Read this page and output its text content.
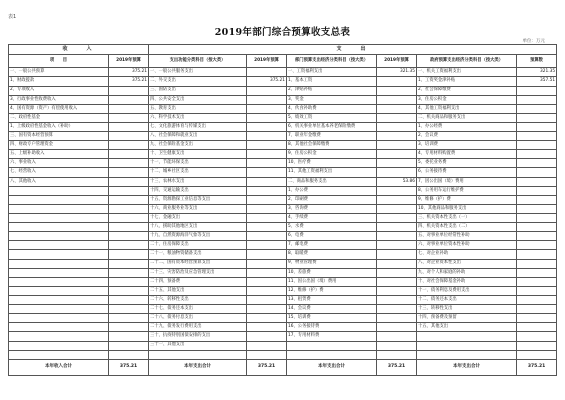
表1
2019年部门综合预算收支总表
单位：万元
收　　入		支　　出					
项　　目	2019年预算	支出功能分类科目（按大类）	2019年预算	部门预算支出经济分类科目（按大类）	2019年预算	政府预算支出经济分类科目（按大类）	预算数
一、一般公共预算	375.21	一、一般公共服务支出		一、工资福利支出	321.35	一、机关工资福利支出	321.35
1、财政拨款	375.21	二、外交支出	375.21	1、基本工资		1、工资奖金津补贴	357.51
2、专项收入		三、国防支出		2、津贴补贴		2、社会保障缴费	
3、行政事业性收费收入		四、公共安全支出		3、奖金		3、住房公积金	
4、国有资源（资产）有偿使用收入		五、教育支出		4、伙食补助费		4、其他工资福利支出	
二、政府性基金		六、科学技术支出		5、绩效工资		二、机关商品和服务支出	
1、上级政府性基金收入（补助）		七、文化旅游体育与传媒支出		6、机关事业单位基本养老保险缴费		1、办公经费	
三、国有资本经营预算		八、社会保障和就业支出		7、职业年金缴费		2、会议费	
四、财政专户管理资金		九、社会保险基金支出		8、其他社会保障缴费		3、培训费	
五、上级补助收入		十、卫生健康支出		9、住房公积金		4、专用材料购置费	
六、事业收入		十一、节能环保支出		10、医疗费		5、委托业务费	
七、经营收入		十二、城乡社区支出		11、其他工资福利支出		6、公务接待费	
八、其他收入		十三、农林水支出		二、商品和服务支出	53.86	7、因公出国（境）费用	
		十四、交通运输支出		1、办公费		8、公务用车运行维护费	
		十五、资源勘探工业信息等支出		2、印刷费		9、维修（护）费	
		十六、商业服务业等支出		3、咨询费		10、其他商品和服务支出	
		十七、金融支出		4、手续费		三、机关资本性支出（一）	
		十八、援助其他地区支出		5、水费		四、机关资本性支出（二）	
		十九、自然资源海洋气象等支出		6、电费		五、对事业单位经常性补助	
		二十、住房保障支出		7、邮电费		六、对事业单位资本性补助	
		二十一、粮油物资储备支出		8、取暖费		七、对企业补助	
		二十二、国有资本经营预算支出		9、物业管理费		八、对企业资本性支出	
		二十三、灾害防治及应急管理支出		10、差旅费		九、对个人和家庭的补助	
		二十四、预备费		11、因公出国（境）费用		十、对社会保障基金补助	
		二十五、其他支出		12、维修（护）费		十一、债务利息及费用支出	
		二十六、转移性支出		13、租赁费		十二、债务还本支出	
		二十七、债务还本支出		14、会议费		十三、转移性支出	
		二十八、债务付息支出		15、培训费		十四、预备费及预留	
		二十九、债务发行费用支出		16、公务接待费		十五、其他支出	
		三十、抗疫特别国债安排的支出		17、专用材料费			
		三十一、其他支出					

本年收入合计	375.21	本年支出合计	375.21	本年支出合计	375.21	本年支出合计	375.21
